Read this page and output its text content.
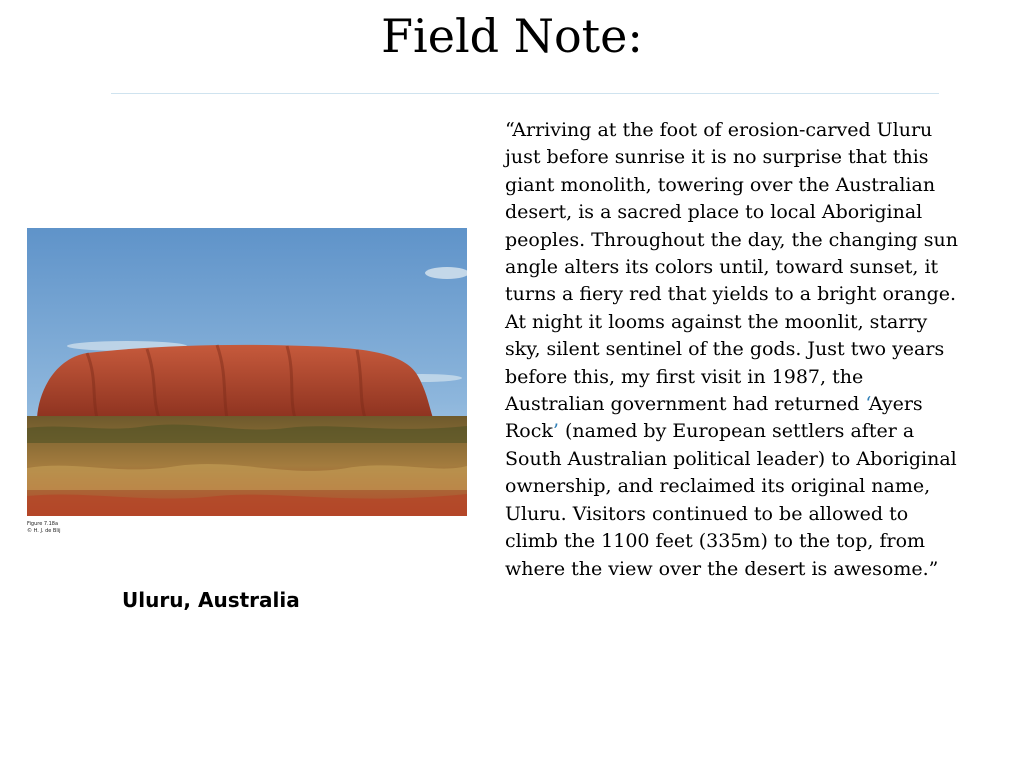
Field Note:
Figure 7.18a
© H. J. de Blij
Uluru, Australia
“Arriving at the foot of erosion-carved Uluru just before sunrise it is no surprise that this giant monolith, towering over the Australian desert, is a sacred place to local Aboriginal peoples. Throughout the day, the changing sun angle alters its colors until, toward sunset, it turns a fiery red that yields to a bright orange. At night it looms against the moonlit, starry sky, silent sentinel of the gods. Just two years before this, my first visit in 1987, the Australian government had returned ‘Ayers Rock’ (named by European settlers after a South Australian political leader) to Aboriginal ownership, and reclaimed its original name, Uluru. Visitors continued to be allowed to climb the 1100 feet (335m) to the top, from where the view over the desert is awesome.”
